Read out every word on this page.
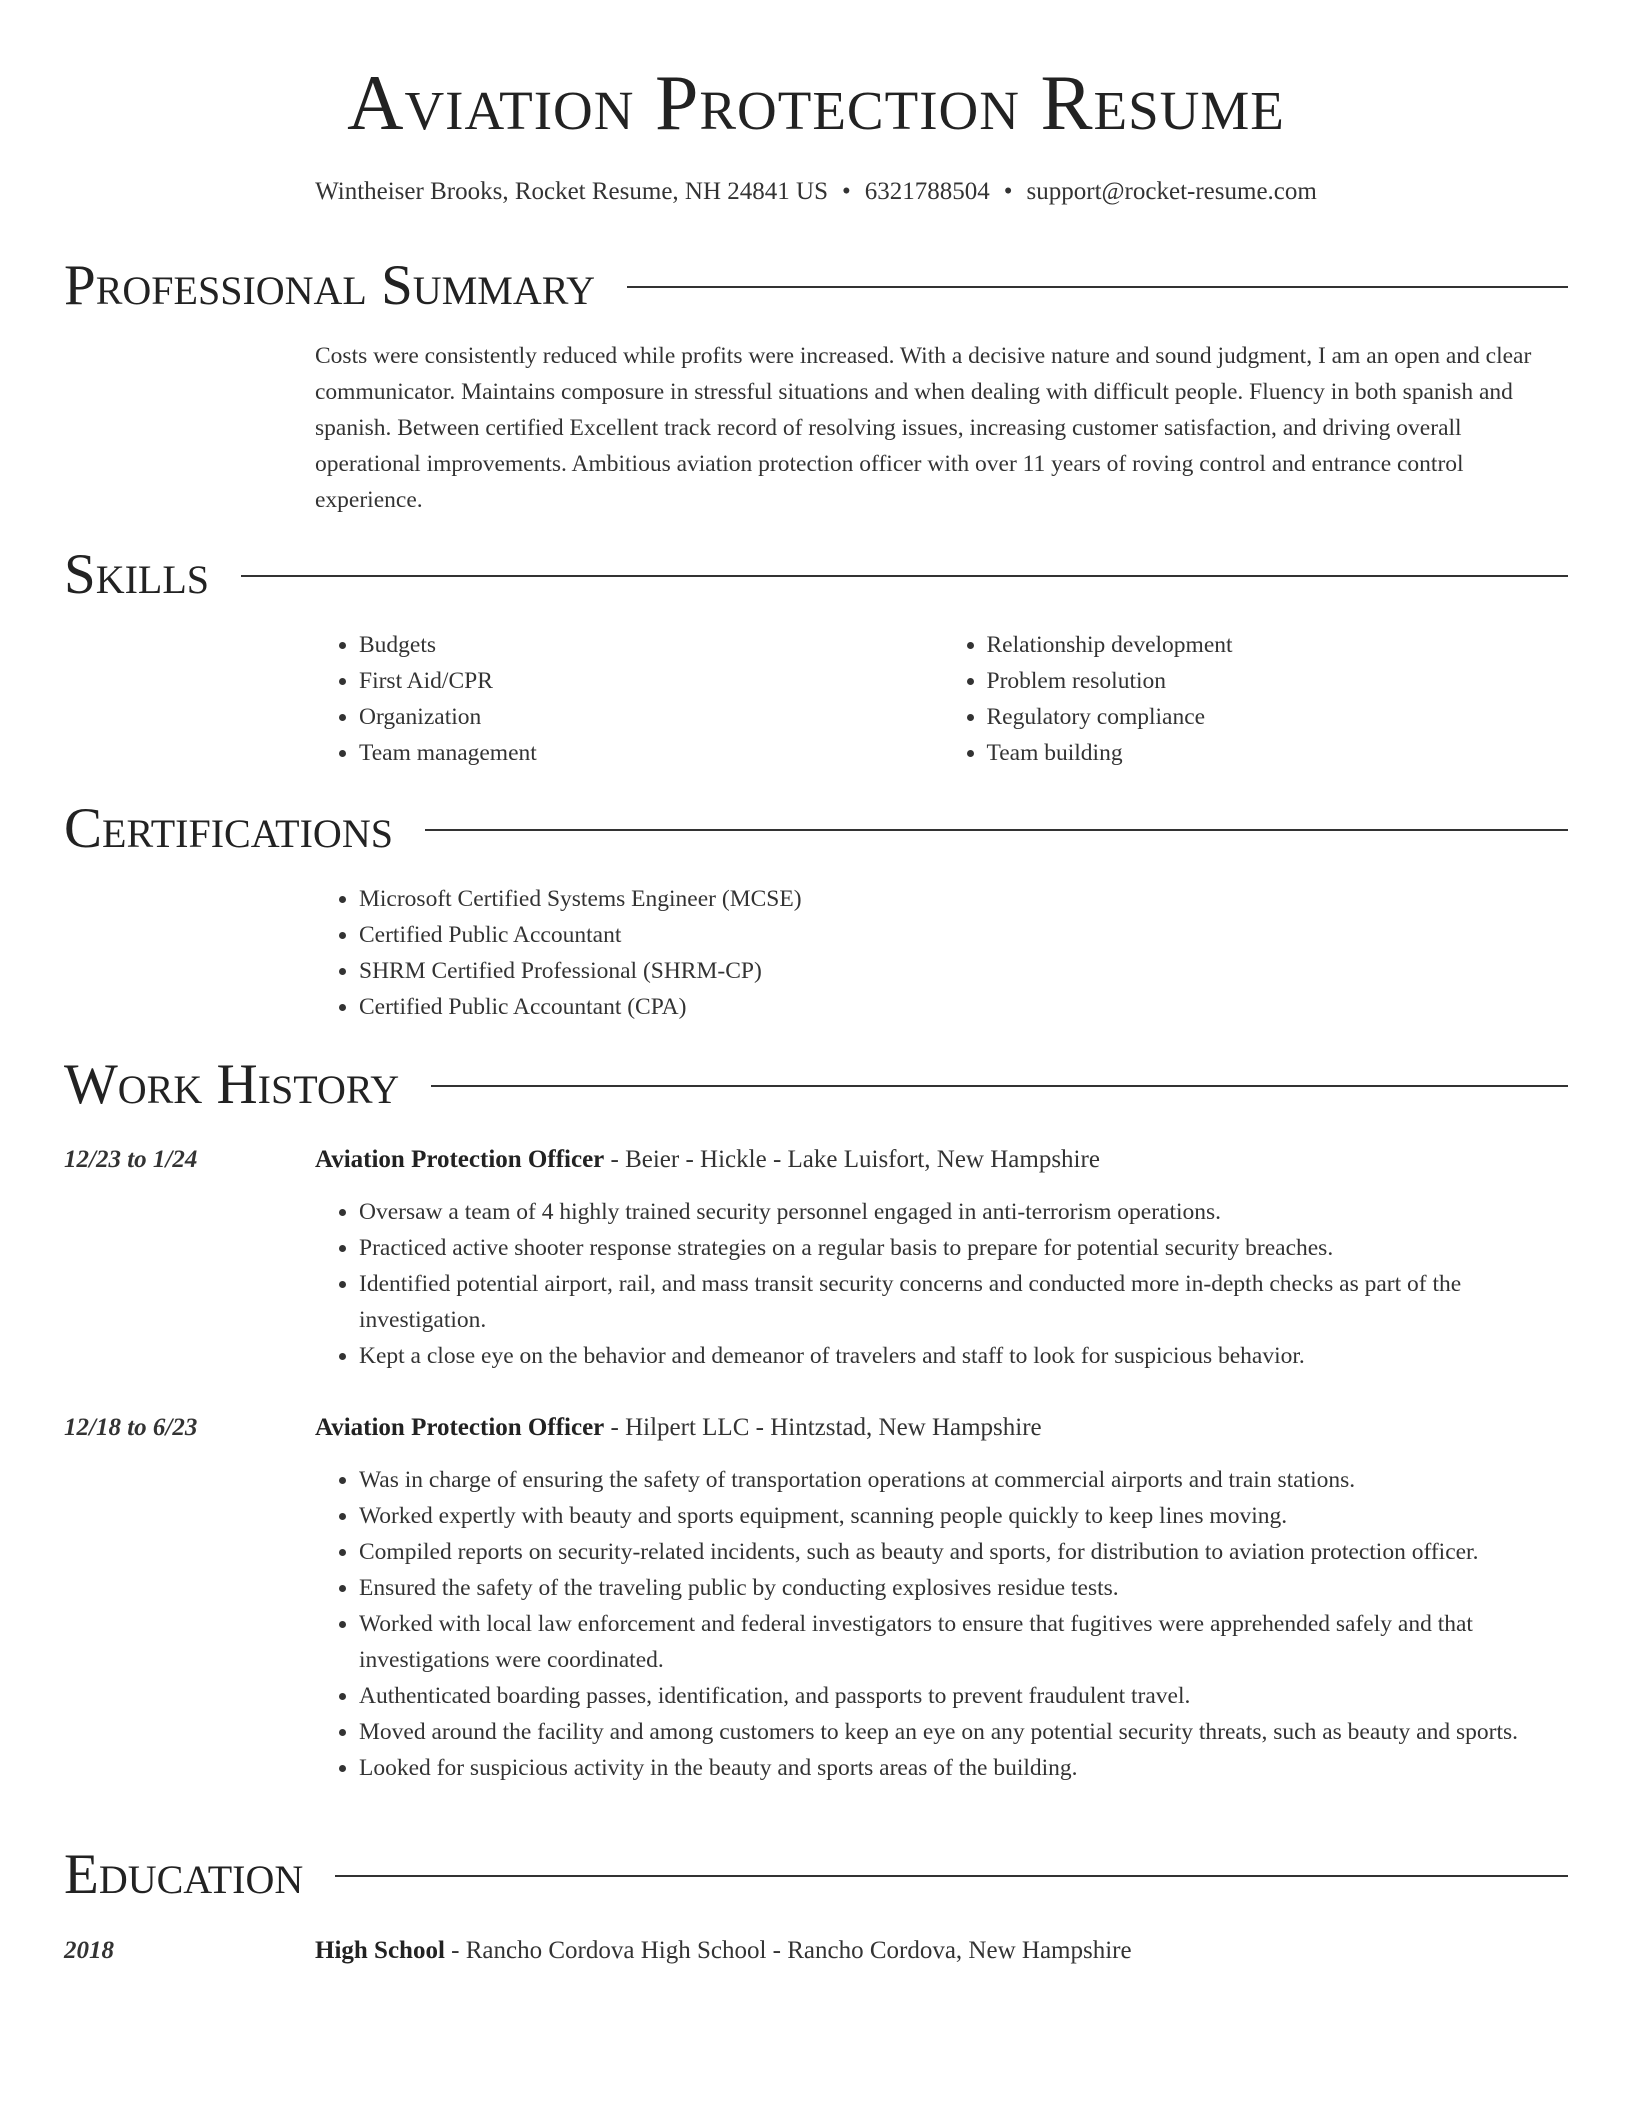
Aviation Protection Resume
Wintheiser Brooks, Rocket Resume, NH 24841 US • 6321788504 • support@rocket-resume.com
Professional Summary

Costs were consistently reduced while profits were increased. With a decisive nature and sound judgment, I am an open and clear communicator. Maintains composure in stressful situations and when dealing with difficult people. Fluency in both spanish and spanish. Between certified Excellent track record of resolving issues, increasing customer satisfaction, and driving overall operational improvements. Ambitious aviation protection officer with over 11 years of roving control and entrance control experience.

Skills
• Budgets
• First Aid/CPR
• Organization
• Team management
• Relationship development
• Problem resolution
• Regulatory compliance
• Team building
Certifications
• Microsoft Certified Systems Engineer (MCSE)
• Certified Public Accountant
• SHRM Certified Professional (SHRM-CP)
• Certified Public Accountant (CPA)
Work History
12/23 to 1/24	Aviation Protection Officer - Beier - Hickle - Lake Luisfort, New Hampshire
• Oversaw a team of 4 highly trained security personnel engaged in anti-terrorism operations.
• Practiced active shooter response strategies on a regular basis to prepare for potential security breaches.
• Identified potential airport, rail, and mass transit security concerns and conducted more in-depth checks as part of the investigation.
• Kept a close eye on the behavior and demeanor of travelers and staff to look for suspicious behavior.
12/18 to 6/23	Aviation Protection Officer - Hilpert LLC - Hintzstad, New Hampshire
• Was in charge of ensuring the safety of transportation operations at commercial airports and train stations.
• Worked expertly with beauty and sports equipment, scanning people quickly to keep lines moving.
• Compiled reports on security-related incidents, such as beauty and sports, for distribution to aviation protection officer.
• Ensured the safety of the traveling public by conducting explosives residue tests.
• Worked with local law enforcement and federal investigators to ensure that fugitives were apprehended safely and that investigations were coordinated.
• Authenticated boarding passes, identification, and passports to prevent fraudulent travel.
• Moved around the facility and among customers to keep an eye on any potential security threats, such as beauty and sports.
• Looked for suspicious activity in the beauty and sports areas of the building.
Education
2018	High School - Rancho Cordova High School - Rancho Cordova, New Hampshire
